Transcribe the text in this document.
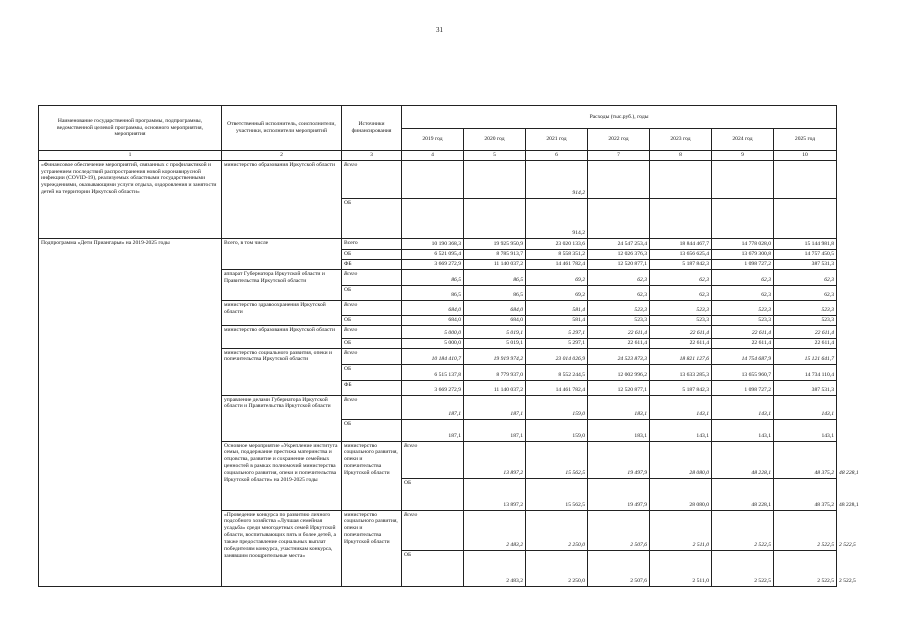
31
Наименование государственной программы, подпрограммы, ведомственной целевой программы, основного мероприятия, мероприятия	Ответственный исполнитель, соисполнители, участники, исполнители мероприятий	Источники финансирования	Расходы (тыс.руб.), годы							
			2019 год	2020 год	2021 год	2022 год	2023 год	2024 год	2025 год	
1	2	3	4	5	6	7	8	9	10	
«Финансовое обеспечение мероприятий, связанных с профилактикой и устранением последствий распространения новой коронавирусной инфекции (COVID-19), реализуемых областными государственными учреждениями, оказывающими услуги отдыха, оздоровления и занятости детей на территории Иркутской области»	министерство образования Иркутской области	Всего			914,2					
		ОБ			914,2					
Подпрограмма «Дети Приангарья» на 2019-2025 годы	Всего, в том числе	Всего	10 190 368,3	19 925 950,9	23 020 133,6	24 547 253,4	18 844 467,7	14 778 028,0	15 144 981,8	
		ОБ	6 521 095,4	8 785 913,7	8 558 351,2	12 026 376,3	13 656 625,4	13 679 300,8	14 757 450,5	
		ФБ	3 669 272,9	11 140 037,2	14 461 782,4	12 520 877,1	5 187 842,3	1 098 727,2	387 531,3	
	аппарат Губернатора Иркутской области и Правительства Иркутской области	Всего	86,5	86,5	69,2	62,3	62,3	62,3	62,3	
		ОБ	86,5	86,5	69,2	62,3	62,3	62,3	62,3	
	министерство здравоохранения Иркутской области	Всего	684,0	684,0	581,4	523,3	523,3	523,3	523,3	
		ОБ	684,0	684,0	581,4	523,3	523,3	523,3	523,3	
	министерство образования Иркутской области	Всего	5 000,0	5 019,1	5 297,1	22 611,4	22 611,4	22 611,4	22 611,4	
		ОБ	5 000,0	5 019,1	5 297,1	22 611,4	22 611,4	22 611,4	22 611,4	
	министерство социального развития, опеки и попечительства Иркутской области	Всего	10 184 410,7	19 919 974,2	23 014 026,9	24 523 873,3	18 821 127,6	14 754 687,9	15 121 641,7	
		ОБ	6 515 137,8	8 779 937,0	8 552 244,5	12 002 996,2	13 633 285,3	13 655 960,7	14 734 110,4	
		ФБ	3 669 272,9	11 140 037,2	14 461 782,4	12 520 877,1	5 187 842,3	1 098 727,2	387 531,3	
	управление делами Губернатора Иркутской области и Правительства Иркутской области	Всего	187,1	187,1	159,0	183,1	143,1	143,1	143,1	
		ОБ	187,1	187,1	159,0	183,1	143,1	143,1	143,1	
	Основное мероприятие «Укрепление института семьи, поддержание престижа материнства и отцовства, развитие и сохранение семейных ценностей в рамках полномочий министерства социального развития, опеки и попечительства Иркутской области» на 2019-2025 годы	министерство социального развития, опеки и попечительства Иркутской области	Всего	13 897,2	15 562,5	19 497,9	28 080,0	48 228,1	48 375,2	48 228,1
			ОБ	13 897,2	15 562,5	19 497,9	28 080,0	48 228,1	48 375,2	48 228,1
	«Проведение конкурса по развитию личного подсобного хозяйства «Лучшая семейная усадьба» среди многодетных семей Иркутской области, воспитывающих пять и более детей, а также предоставление социальных выплат победителям конкурса, участникам конкурса, занявшим поощрительные места»	министерство социального развития, опеки и попечительства Иркутской области	Всего	2 483,2	2 250,0	2 507,6	2 511,0	2 522,5	2 522,5	2 522,5
			ОБ	2 483,2	2 250,0	2 507,6	2 511,0	2 522,5	2 522,5	2 522,5
